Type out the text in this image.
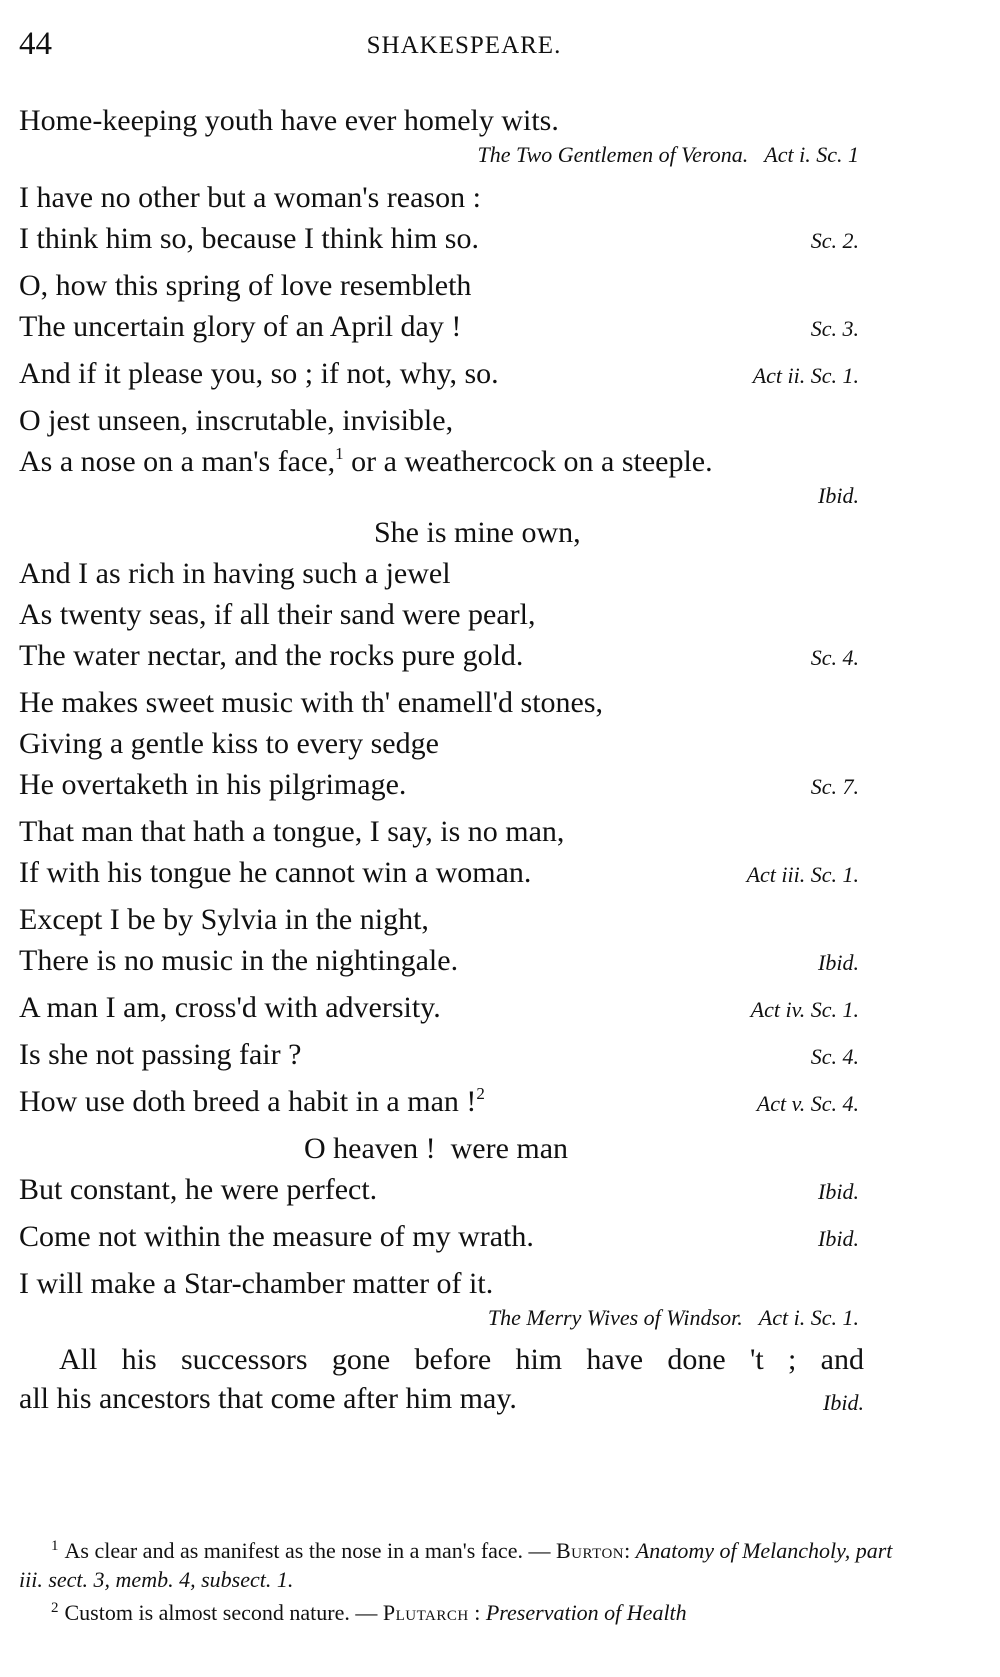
44	SHAKESPEARE.
Home-keeping youth have ever homely wits.
The Two Gentlemen of Verona.   Act i. Sc. 1
I have no other but a woman's reason :
I think him so, because I think him so.	Sc. 2.
O, how this spring of love resembleth
The uncertain glory of an April day !	Sc. 3.
And if it please you, so ; if not, why, so.	Act ii. Sc. 1.
O jest unseen, inscrutable, invisible,
As a nose on a man's face,$^1$ or a weathercock on a steeple.
Ibid.
She is mine own,
And I as rich in having such a jewel
As twenty seas, if all their sand were pearl,
The water nectar, and the rocks pure gold.	Sc. 4.
He makes sweet music with th' enamell'd stones,
Giving a gentle kiss to every sedge
He overtaketh in his pilgrimage.	Sc. 7.
That man that hath a tongue, I say, is no man,
If with his tongue he cannot win a woman.	Act iii. Sc. 1.
Except I be by Sylvia in the night,
There is no music in the nightingale.	Ibid.
A man I am, cross'd with adversity.	Act iv. Sc. 1.
Is she not passing fair ?	Sc. 4.
How use doth breed a habit in a man !$^2$	Act v. Sc. 4.
O heaven !  were man
But constant, he were perfect.	Ibid.
Come not within the measure of my wrath.	Ibid.
I will make a Star-chamber matter of it.
The Merry Wives of Windsor.   Act i. Sc. 1.
All his successors gone before him have done 't ; and
all his ancestors that come after him may.	Ibid.
$^1$ As clear and as manifest as the nose in a man's face. — Burton: Anatomy of Melancholy, part iii. sect. 3, memb. 4, subsect. 1.
$^2$ Custom is almost second nature. — Plutarch : Preservation of Health
